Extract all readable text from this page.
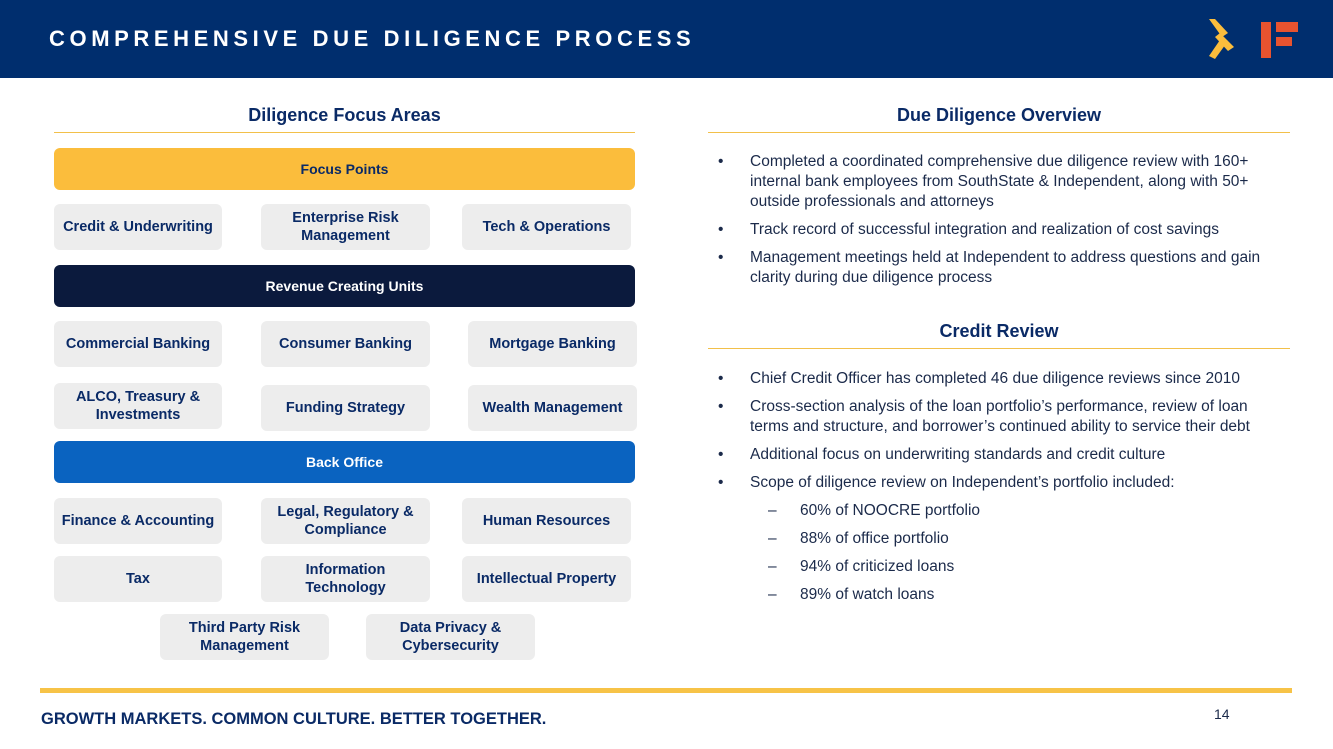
COMPREHENSIVE DUE DILIGENCE PROCESS
Diligence Focus Areas
Focus Points
Credit & Underwriting
Enterprise Risk Management
Tech & Operations
Revenue Creating Units
Commercial Banking	Consumer Banking	Mortgage Banking
ALCO, Treasury & Investments	Funding Strategy	Wealth Management
Back Office
Finance & Accounting
Legal, Regulatory & Compliance
Human Resources
Tax
Information Technology
Intellectual Property
Third Party Risk Management
Data Privacy & Cybersecurity
Due Diligence Overview
• Completed a coordinated comprehensive due diligence review with 160+ internal bank employees from SouthState & Independent, along with 50+ outside professionals and attorneys
• Track record of successful integration and realization of cost savings
• Management meetings held at Independent to address questions and gain clarity during due diligence process
Credit Review
• Chief Credit Officer has completed 46 due diligence reviews since 2010
• Cross-section analysis of the loan portfolio’s performance, review of loan terms and structure, and borrower’s continued ability to service their debt
• Additional focus on underwriting standards and credit culture
• Scope of diligence review on Independent’s portfolio included:
– 60% of NOOCRE portfolio
– 88% of office portfolio
– 94% of criticized loans
– 89% of watch loans
GROWTH MARKETS. COMMON CULTURE. BETTER TOGETHER.	14
